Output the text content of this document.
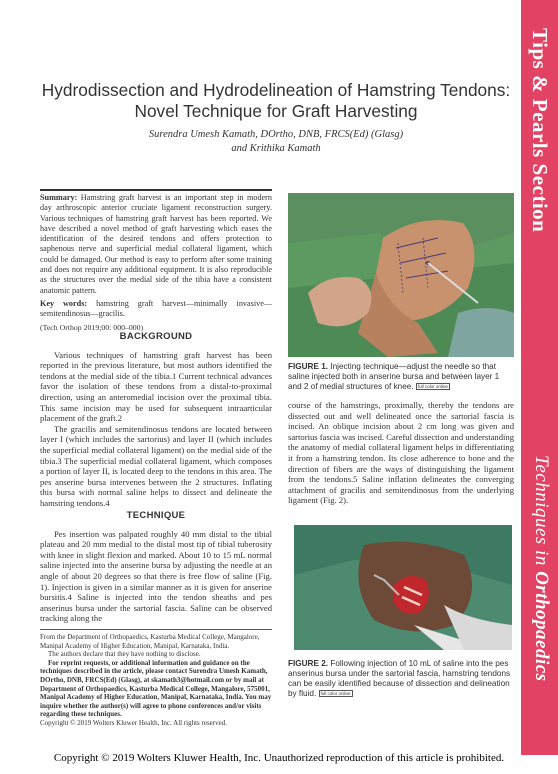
Tips & Pearls Section
Techniques in Orthopaedics
Hydrodissection and Hydrodelineation of Hamstring Tendons: Novel Technique for Graft Harvesting
Surendra Umesh Kamath, DOrtho, DNB, FRCS(Ed) (Glasg)
and Krithika Kamath

Summary: Hamstring graft harvest is an important step in modern day arthroscopic anterior cruciate ligament reconstruction surgery. Various techniques of hamstring graft harvest has been reported. We have described a novel method of graft harvesting which eases the identification of the desired tendons and offers protection to saphenous nerve and superficial medial collateral ligament, which could be damaged. Our method is easy to perform after some training and does not require any additional equipment. It is also reproducible as the structures over the medial side of the tibia have a consistent anatomic pattern.

Key words: hamstring graft harvest—minimally invasive—semitendinosus—gracilis.

(Tech Orthop 2019;00: 000–000)

BACKGROUND

Various techniques of hamstring graft harvest has been reported in the previous literature, but most authors identified the tendons at the medial side of the tibia.1 Current technical advances favor the isolation of these tendons from a distal-to-proximal direction, using an anteromedial incision over the proximal tibia. This same incision may be used for subsequent intraarticular placement of the graft.2

The gracilis and semitendinosus tendons are located between layer I (which includes the sartorius) and layer II (which includes the superficial medial collateral ligament) on the medial side of the tibia.3 The superficial medial collateral ligament, which composes a portion of layer II, is located deep to the tendons in this area. The pes anserine bursa intervenes between the 2 structures. Inflating this bursa with normal saline helps to dissect and delineate the hamstring tendons.4

TECHNIQUE

Pes insertion was palpated roughly 40 mm distal to the tibial plateau and 20 mm medial to the distal most tip of tibial tuberosity with knee in slight flexion and marked. About 10 to 15 mL normal saline injected into the anserine bursa by adjusting the needle at an angle of about 20 degrees so that there is free flow of saline (Fig. 1). Injection is given in a similar manner as it is given for anserine bursitis.4 Saline is injected into the tendon sheaths and pes anserinus bursa under the sartorial fascia. Saline can be observed tracking along the

From the Department of Orthopaedics, Kasturba Medical College, Mangalore, Manipal Academy of Higher Education, Manipal, Karnataka, India.

The authors declare that they have nothing to disclose.

For reprint requests, or additional information and guidance on the techniques described in the article, please contact Surendra Umesh Kamath, DOrtho, DNB, FRCS(Ed) (Glasg), at skamath3@hotmail.com or by mail at Department of Orthopaedics, Kasturba Medical College, Mangalore, 575001, Manipal Academy of Higher Education, Manipal, Karnataka, India. You may inquire whether the author(s) will agree to phone conferences and/or visits regarding these techniques.

Copyright © 2019 Wolters Kluwer Health, Inc. All rights reserved.

FIGURE 1. Injecting technique—adjust the needle so that saline injected both in anserine bursa and between layer 1 and 2 of medial structures of knee. full color online

course of the hamstrings, proximally, thereby the tendons are dissected out and well delineated once the sartorial fascia is incised. An oblique incision about 2 cm long was given and sartorius fascia was incised. Careful dissection and understanding the anatomy of medial collateral ligament helps in differentiating it from a hamstring tendon. Its close adherence to bone and the direction of fibers are the ways of distinguishing the ligament from the tendons.5 Saline inflation delineates the converging attachment of gracilis and semitendinosus from the underlying ligament (Fig. 2).

FIGURE 2. Following injection of 10 mL of saline into the pes anserinus bursa under the sartorial fascia, hamstring tendons can be easily identified because of dissection and delineation by fluid. full color online
Copyright © 2019 Wolters Kluwer Health, Inc. Unauthorized reproduction of this article is prohibited.
